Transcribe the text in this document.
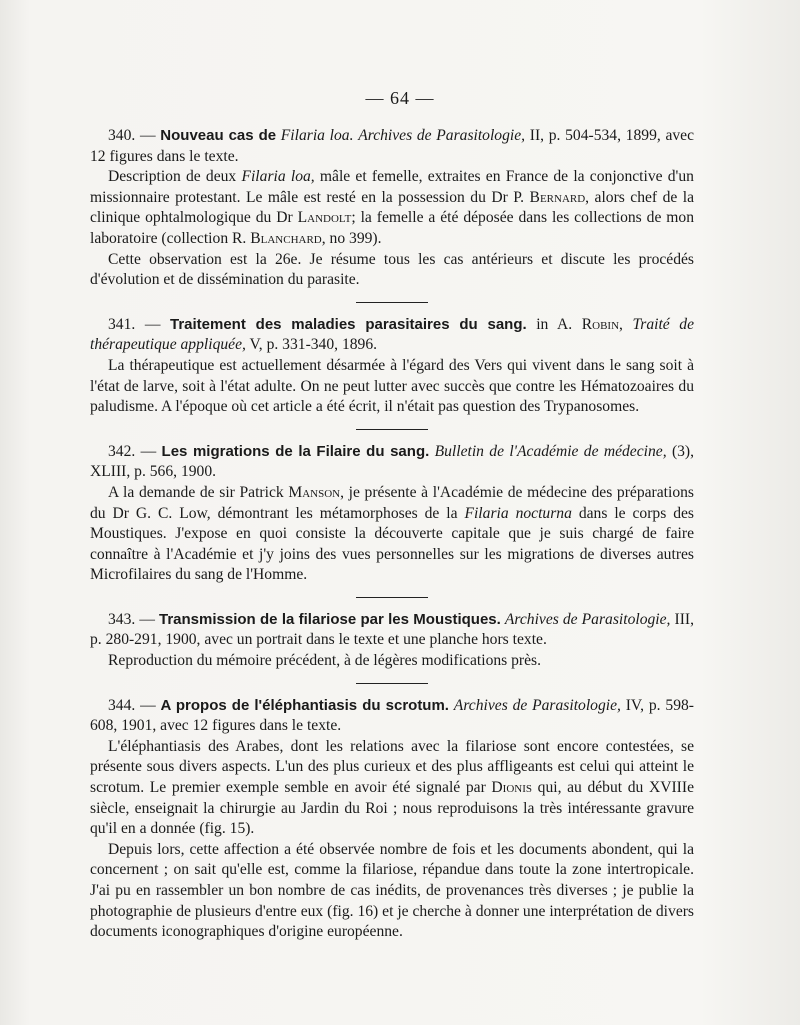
— 64 —

340. — Nouveau cas de Filaria loa. Archives de Parasitologie, II, p. 504-534, 1899, avec 12 figures dans le texte.

Description de deux Filaria loa, mâle et femelle, extraites en France de la conjonctive d'un missionnaire protestant. Le mâle est resté en la possession du Dr P. Bernard, alors chef de la clinique ophtalmologique du Dr Landolt; la femelle a été déposée dans les collections de mon laboratoire (collection R. Blanchard, no 399).

Cette observation est la 26e. Je résume tous les cas antérieurs et discute les procédés d'évolution et de dissémination du parasite.

341. — Traitement des maladies parasitaires du sang. in A. Robin, Traité de thérapeutique appliquée, V, p. 331-340, 1896.

La thérapeutique est actuellement désarmée à l'égard des Vers qui vivent dans le sang soit à l'état de larve, soit à l'état adulte. On ne peut lutter avec succès que contre les Hématozoaires du paludisme. A l'époque où cet article a été écrit, il n'était pas question des Trypanosomes.

342. — Les migrations de la Filaire du sang. Bulletin de l'Académie de médecine, (3), XLIII, p. 566, 1900.

A la demande de sir Patrick Manson, je présente à l'Académie de médecine des préparations du Dr G. C. Low, démontrant les métamorphoses de la Filaria nocturna dans le corps des Moustiques. J'expose en quoi consiste la découverte capitale que je suis chargé de faire connaître à l'Académie et j'y joins des vues personnelles sur les migrations de diverses autres Microfilaires du sang de l'Homme.

343. — Transmission de la filariose par les Moustiques. Archives de Parasitologie, III, p. 280-291, 1900, avec un portrait dans le texte et une planche hors texte.

Reproduction du mémoire précédent, à de légères modifications près.

344. — A propos de l'éléphantiasis du scrotum. Archives de Parasitologie, IV, p. 598-608, 1901, avec 12 figures dans le texte.

L'éléphantiasis des Arabes, dont les relations avec la filariose sont encore contestées, se présente sous divers aspects. L'un des plus curieux et des plus affligeants est celui qui atteint le scrotum. Le premier exemple semble en avoir été signalé par Dionis qui, au début du XVIIIe siècle, enseignait la chirurgie au Jardin du Roi ; nous reproduisons la très intéressante gravure qu'il en a donnée (fig. 15).

Depuis lors, cette affection a été observée nombre de fois et les documents abondent, qui la concernent ; on sait qu'elle est, comme la filariose, répandue dans toute la zone intertropicale. J'ai pu en rassembler un bon nombre de cas inédits, de provenances très diverses ; je publie la photographie de plusieurs d'entre eux (fig. 16) et je cherche à donner une interprétation de divers documents iconographiques d'origine européenne.
